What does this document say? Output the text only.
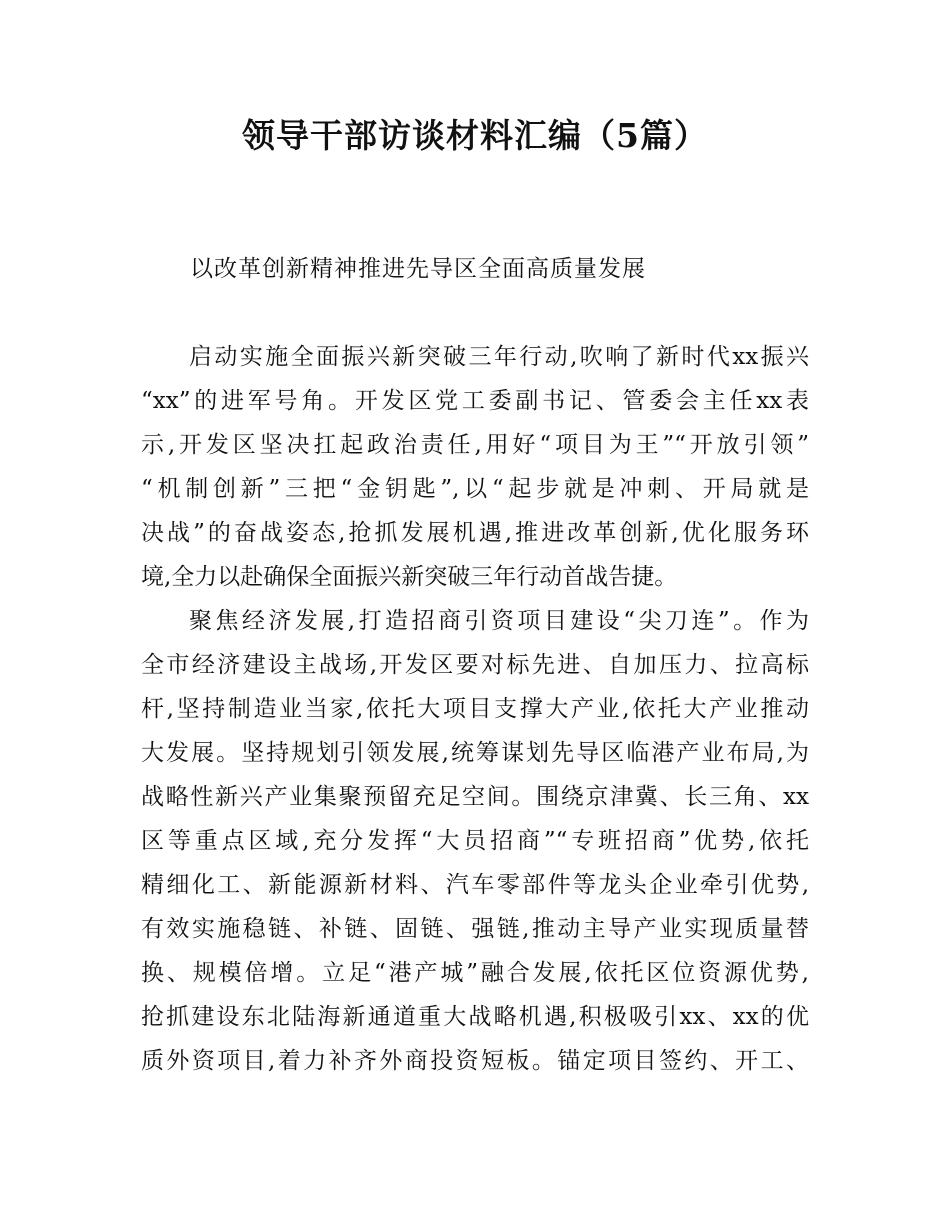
领导干部访谈材料汇编（5篇）
以改革创新精神推进先导区全面高质量发展

启动实施全面振兴新突破三年行动,吹响了新时代xx振兴
“xx”的进军号角。开发区党工委副书记、管委会主任xx表
示,开发区坚决扛起政治责任,用好“项目为王”“开放引领”
“机制创新”三把“金钥匙”,以“起步就是冲刺、开局就是
决战”的奋战姿态,抢抓发展机遇,推进改革创新,优化服务环
境,全力以赴确保全面振兴新突破三年行动首战告捷。

聚焦经济发展,打造招商引资项目建设“尖刀连”。作为
全市经济建设主战场,开发区要对标先进、自加压力、拉高标
杆,坚持制造业当家,依托大项目支撑大产业,依托大产业推动
大发展。坚持规划引领发展,统筹谋划先导区临港产业布局,为
战略性新兴产业集聚预留充足空间。围绕京津冀、长三角、xx
区等重点区域,充分发挥“大员招商”“专班招商”优势,依托
精细化工、新能源新材料、汽车零部件等龙头企业牵引优势,
有效实施稳链、补链、固链、强链,推动主导产业实现质量替
换、规模倍增。立足“港产城”融合发展,依托区位资源优势,
抢抓建设东北陆海新通道重大战略机遇,积极吸引xx、xx的优
质外资项目,着力补齐外商投资短板。锚定项目签约、开工、
